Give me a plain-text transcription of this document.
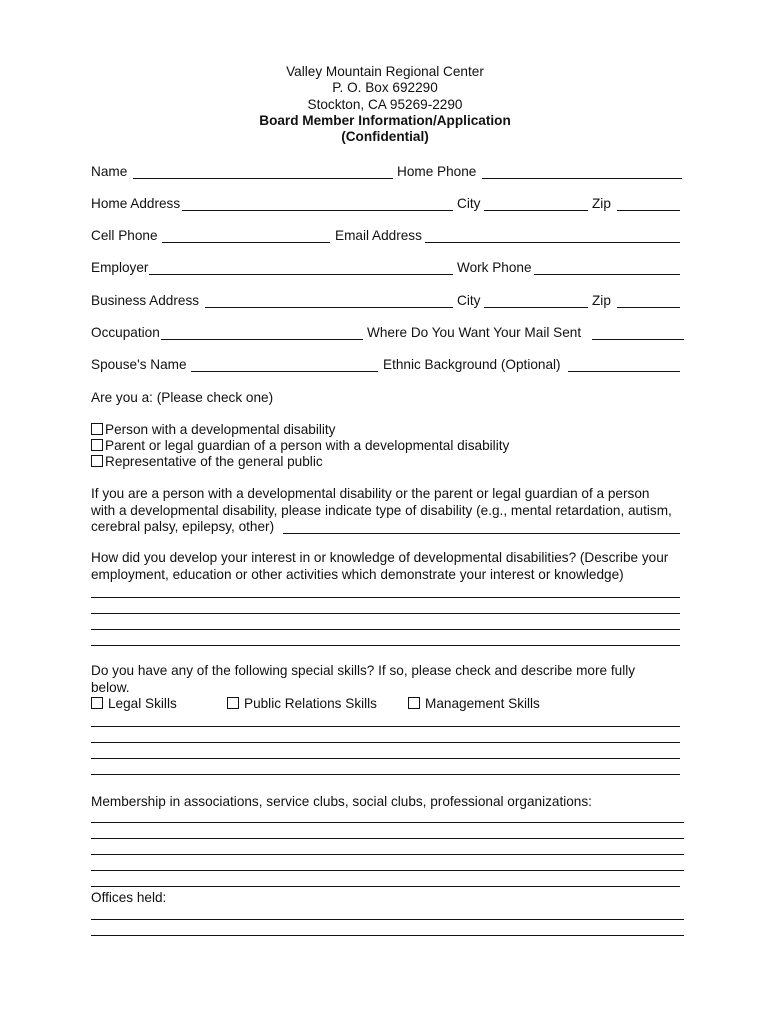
Valley Mountain Regional Center
P. O. Box 692290
Stockton, CA 95269-2290
Board Member Information/Application
(Confidential)
Name	Home Phone
Home Address	City	Zip
Cell Phone	Email Address
Employer	Work Phone
Business Address	City	Zip
Occupation	Where Do You Want Your Mail Sent
Spouse's Name	Ethnic Background (Optional)
Are you a: (Please check one)
Person with a developmental disability
Parent or legal guardian of a person with a developmental disability
Representative of the general public
If you are a person with a developmental disability or the parent or legal guardian of a person
with a developmental disability, please indicate type of disability (e.g., mental retardation, autism,
cerebral palsy, epilepsy, other)
How did you develop your interest in or knowledge of developmental disabilities? (Describe your
employment, education or other activities which demonstrate your interest or knowledge)
Do you have any of the following special skills? If so, please check and describe more fully
below.
Legal Skills	Public Relations Skills	Management Skills
Membership in associations, service clubs, social clubs, professional organizations:
Offices held:
